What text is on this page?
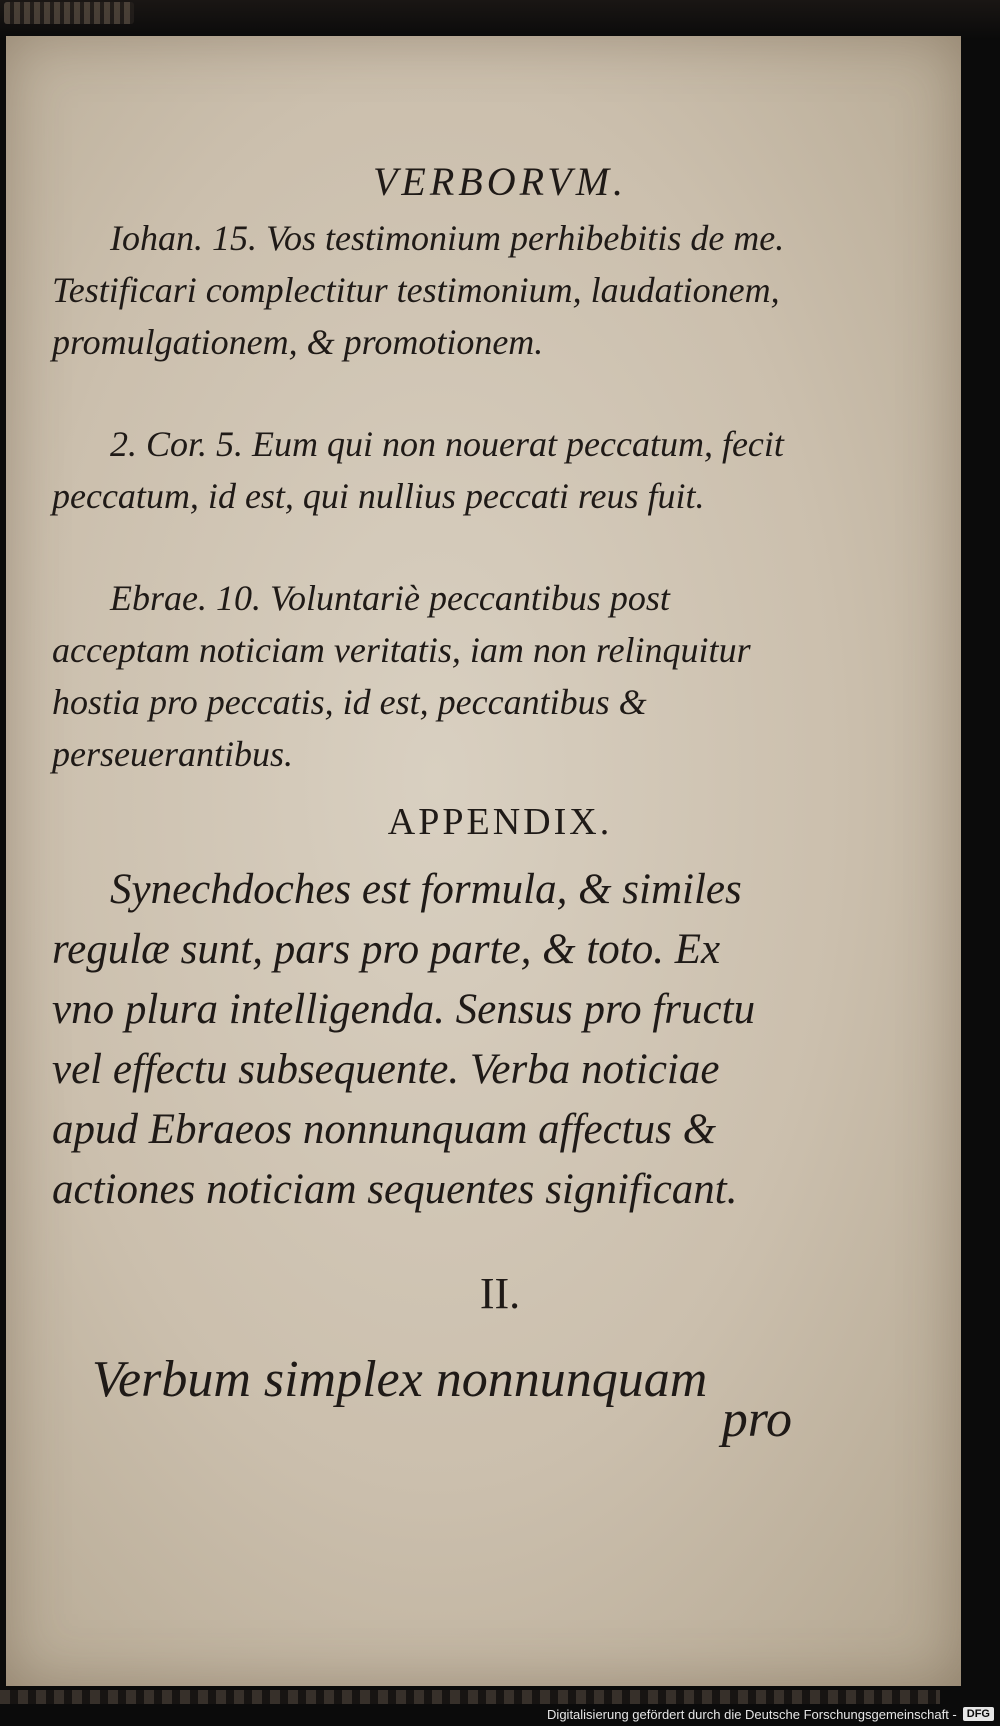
VERBORVM.
Iohan. 15. Vos testimonium perhibebitis de me. Testificari complectitur testimonium, laudationem, promulgationem, & promotionem.
2. Cor. 5. Eum qui non nouerat peccatum, fecit peccatum, id est, qui nullius peccati reus fuit.
Ebrae. 10. Voluntariè peccantibus post acceptam noticiam veritatis, iam non relinquitur hostia pro peccatis, id est, peccantibus & perseuerantibus.
APPENDIX.
Synechdoches est formula, & similes regulæ sunt, pars pro parte, & toto. Ex vno plura intelligenda. Sensus pro fructu vel effectu subsequente. Verba noticiae apud Ebraeos nonnunquam affectus & actiones noticiam sequentes significant.
II.
Verbum simplex nonnunquam
pro
Digitalisierung gefördert durch die Deutsche Forschungsgemeinschaft - DFG
